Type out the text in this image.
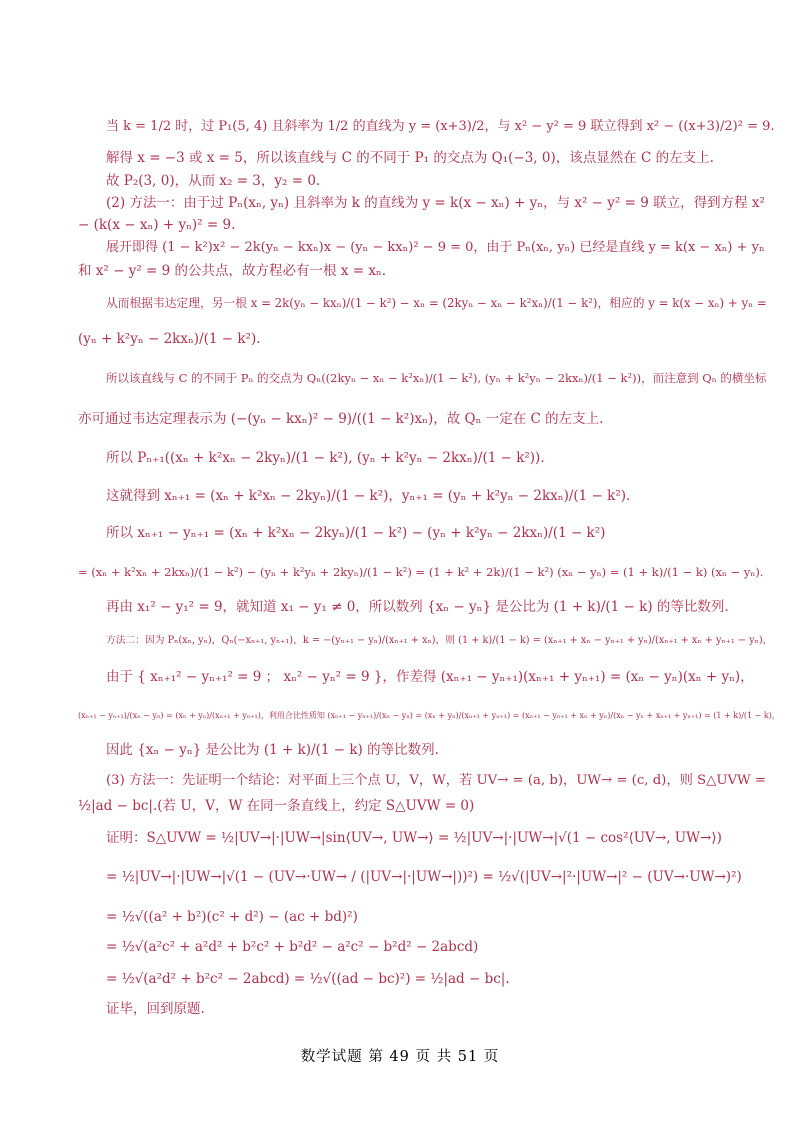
当 k = 1/2 时，过 P₁(5, 4) 且斜率为 1/2 的直线为 y = (x+3)/2，与 x² − y² = 9 联立得到 x² − ((x+3)/2)² = 9.
解得 x = −3 或 x = 5，所以该直线与 C 的不同于 P₁ 的交点为 Q₁(−3, 0)，该点显然在 C 的左支上.
故 P₂(3, 0)，从而 x₂ = 3，y₂ = 0.
(2) 方法一：由于过 Pₙ(xₙ, yₙ) 且斜率为 k 的直线为 y = k(x − xₙ) + yₙ，与 x² − y² = 9 联立，得到方程 x²
− (k(x − xₙ) + yₙ)² = 9.
展开即得 (1 − k²)x² − 2k(yₙ − kxₙ)x − (yₙ − kxₙ)² − 9 = 0，由于 Pₙ(xₙ, yₙ) 已经是直线 y = k(x − xₙ) + yₙ
和 x² − y² = 9 的公共点，故方程必有一根 x = xₙ.
从而根据韦达定理，另一根 x = 2k(yₙ − kxₙ)/(1 − k²) − xₙ = (2kyₙ − xₙ − k²xₙ)/(1 − k²)，相应的 y = k(x − xₙ) + yₙ =
(yₙ + k²yₙ − 2kxₙ)/(1 − k²).
所以该直线与 C 的不同于 Pₙ 的交点为 Qₙ((2kyₙ − xₙ − k²xₙ)/(1 − k²), (yₙ + k²yₙ − 2kxₙ)/(1 − k²))，而注意到 Qₙ 的横坐标
亦可通过韦达定理表示为 (−(yₙ − kxₙ)² − 9)/((1 − k²)xₙ)，故 Qₙ 一定在 C 的左支上.
所以 Pₙ₊₁((xₙ + k²xₙ − 2kyₙ)/(1 − k²), (yₙ + k²yₙ − 2kxₙ)/(1 − k²)).
这就得到 xₙ₊₁ = (xₙ + k²xₙ − 2kyₙ)/(1 − k²)，yₙ₊₁ = (yₙ + k²yₙ − 2kxₙ)/(1 − k²).
所以 xₙ₊₁ − yₙ₊₁ = (xₙ + k²xₙ − 2kyₙ)/(1 − k²) − (yₙ + k²yₙ − 2kxₙ)/(1 − k²)
= (xₙ + k²xₙ + 2kxₙ)/(1 − k²) − (yₙ + k²yₙ + 2kyₙ)/(1 − k²) = (1 + k² + 2k)/(1 − k²) (xₙ − yₙ) = (1 + k)/(1 − k) (xₙ − yₙ).
再由 x₁² − y₁² = 9，就知道 x₁ − y₁ ≠ 0，所以数列 {xₙ − yₙ} 是公比为 (1 + k)/(1 − k) 的等比数列.
方法二：因为 Pₙ(xₙ, yₙ)，Qₙ(−xₙ₊₁, yₙ₊₁)，k = −(yₙ₊₁ − yₙ)/(xₙ₊₁ + xₙ)，则 (1 + k)/(1 − k) = (xₙ₊₁ + xₙ − yₙ₊₁ + yₙ)/(xₙ₊₁ + xₙ + yₙ₊₁ − yₙ)，
由于 { xₙ₊₁² − yₙ₊₁² = 9 ； xₙ² − yₙ² = 9 }，作差得 (xₙ₊₁ − yₙ₊₁)(xₙ₊₁ + yₙ₊₁) = (xₙ − yₙ)(xₙ + yₙ)，
(xₙ₊₁ − yₙ₊₁)/(xₙ − yₙ) = (xₙ + yₙ)/(xₙ₊₁ + yₙ₊₁)，利用合比性质知 (xₙ₊₁ − yₙ₊₁)/(xₙ − yₙ) = (xₙ + yₙ)/(xₙ₊₁ + yₙ₊₁) = (xₙ₊₁ − yₙ₊₁ + xₙ + yₙ)/(xₙ − yₙ + xₙ₊₁ + yₙ₊₁) = (1 + k)/(1 − k)，
因此 {xₙ − yₙ} 是公比为 (1 + k)/(1 − k) 的等比数列.
(3) 方法一：先证明一个结论：对平面上三个点 U，V，W，若 UV→ = (a, b)，UW→ = (c, d)，则 S△UVW =
½|ad − bc|.(若 U，V，W 在同一条直线上，约定 S△UVW = 0)
证明：S△UVW = ½|UV→|·|UW→|sin⟨UV→, UW→⟩ = ½|UV→|·|UW→|√(1 − cos²⟨UV→, UW→⟩)
= ½|UV→|·|UW→|√(1 − (UV→·UW→ / (|UV→|·|UW→|))²) = ½√(|UV→|²·|UW→|² − (UV→·UW→)²)
= ½√((a² + b²)(c² + d²) − (ac + bd)²)
= ½√(a²c² + a²d² + b²c² + b²d² − a²c² − b²d² − 2abcd)
= ½√(a²d² + b²c² − 2abcd) = ½√((ad − bc)²) = ½|ad − bc|.
证毕，回到原题.
数学试题 第 49 页 共 51 页
